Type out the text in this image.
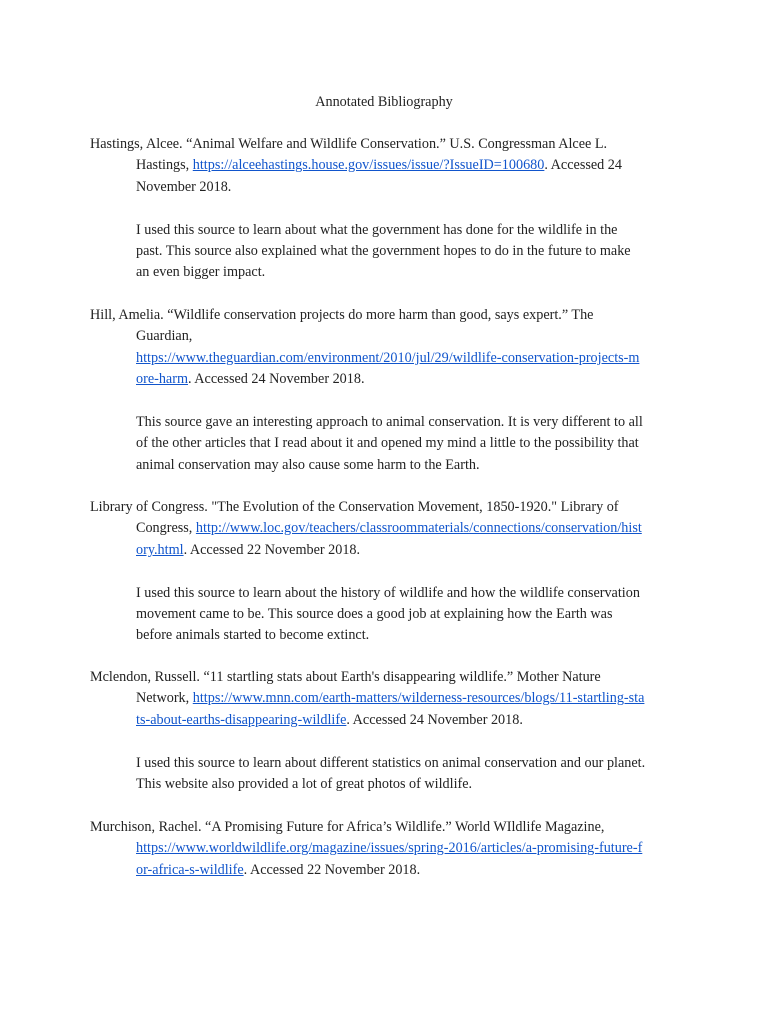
Annotated Bibliography
Hastings, Alcee. “Animal Welfare and Wildlife Conservation.” U.S. Congressman Alcee L.
Hastings, https://alceehastings.house.gov/issues/issue/?IssueID=100680. Accessed 24
November 2018.
I used this source to learn about what the government has done for the wildlife in the
past. This source also explained what the government hopes to do in the future to make
an even bigger impact.
Hill, Amelia. “Wildlife conservation projects do more harm than good, says expert.” The
Guardian,
https://www.theguardian.com/environment/2010/jul/29/wildlife-conservation-projects-m
ore-harm. Accessed 24 November 2018.
This source gave an interesting approach to animal conservation. It is very different to all
of the other articles that I read about it and opened my mind a little to the possibility that
animal conservation may also cause some harm to the Earth.
Library of Congress. "The Evolution of the Conservation Movement, 1850-1920." Library of
Congress, http://www.loc.gov/teachers/classroommaterials/connections/conservation/hist
ory.html. Accessed 22 November 2018.
I used this source to learn about the history of wildlife and how the wildlife conservation
movement came to be. This source does a good job at explaining how the Earth was
before animals started to become extinct.
Mclendon, Russell. “11 startling stats about Earth's disappearing wildlife.” Mother Nature
Network, https://www.mnn.com/earth-matters/wilderness-resources/blogs/11-startling-sta
ts-about-earths-disappearing-wildlife. Accessed 24 November 2018.
I used this source to learn about different statistics on animal conservation and our planet.
This website also provided a lot of great photos of wildlife.
Murchison, Rachel. “A Promising Future for Africa’s Wildlife.” World WIldlife Magazine,
https://www.worldwildlife.org/magazine/issues/spring-2016/articles/a-promising-future-f
or-africa-s-wildlife. Accessed 22 November 2018.
